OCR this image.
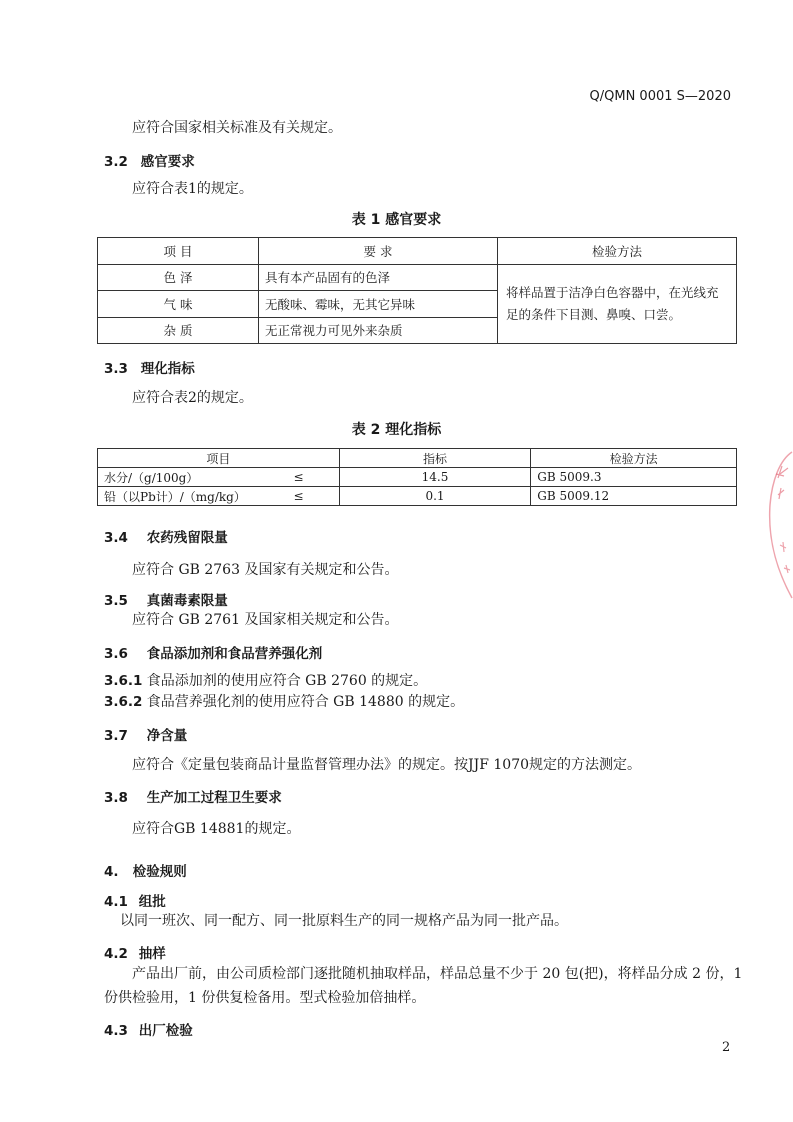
Q/QMN 0001 S—2020
应符合国家相关标准及有关规定。
3.2 感官要求
应符合表1的规定。
表 1 感官要求
项 目	要 求	检验方法
色 泽	具有本产品固有的色泽	将样品置于洁净白色容器中，在光线充足的条件下目测、鼻嗅、口尝。
气 味	无酸味、霉味，无其它异味	
杂 质	无正常视力可见外来杂质	
3.3 理化指标
应符合表2的规定。
表 2 理化指标
项目		指标	检验方法
水分/（g/100g）	≤	14.5	GB 5009.3
铅（以Pb计）/（mg/kg）	≤	0.1	GB 5009.12
3.4 农药残留限量
应符合 GB 2763 及国家有关规定和公告。
3.5 真菌毒素限量
应符合 GB 2761 及国家相关规定和公告。
3.6 食品添加剂和食品营养强化剂
3.6.1 食品添加剂的使用应符合 GB 2760 的规定。
3.6.2 食品营养强化剂的使用应符合 GB 14880 的规定。
3.7 净含量
应符合《定量包装商品计量监督管理办法》的规定。按JJF 1070规定的方法测定。
3.8 生产加工过程卫生要求
应符合GB 14881的规定。
4. 检验规则
4.1 组批
以同一班次、同一配方、同一批原料生产的同一规格产品为同一批产品。
4.2 抽样
产品出厂前，由公司质检部门逐批随机抽取样品，样品总量不少于 20 包(把)，将样品分成 2 份，1
份供检验用，1 份供复检备用。型式检验加倍抽样。
4.3 出厂检验
2
